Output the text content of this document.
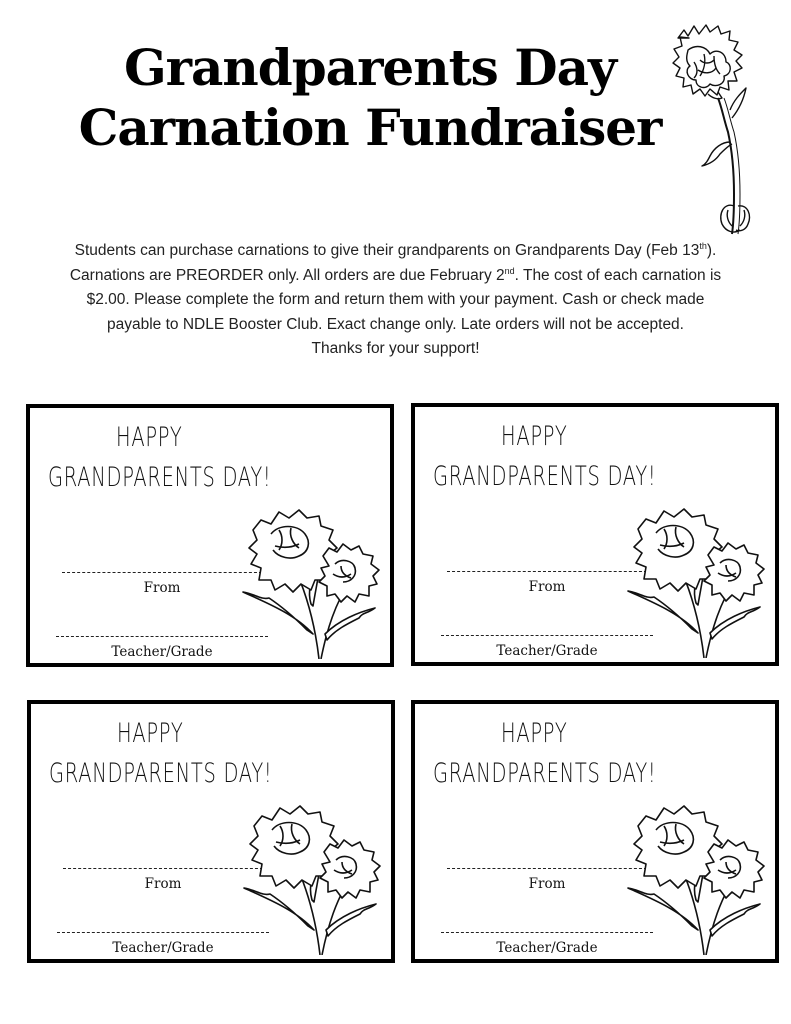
Grandparents Day
Carnation Fundraiser
Students can purchase carnations to give their grandparents on Grandparents Day (Feb 13th).
Carnations are PREORDER only. All orders are due February 2nd. The cost of each carnation is
$2.00. Please complete the form and return them with your payment. Cash or check made
payable to NDLE Booster Club. Exact change only. Late orders will not be accepted.
Thanks for your support!
HAPPY
GRANDPARENTS DAY!
From
Teacher/Grade
HAPPY
GRANDPARENTS DAY!
From
Teacher/Grade
HAPPY
GRANDPARENTS DAY!
From
Teacher/Grade
HAPPY
GRANDPARENTS DAY!
From
Teacher/Grade
